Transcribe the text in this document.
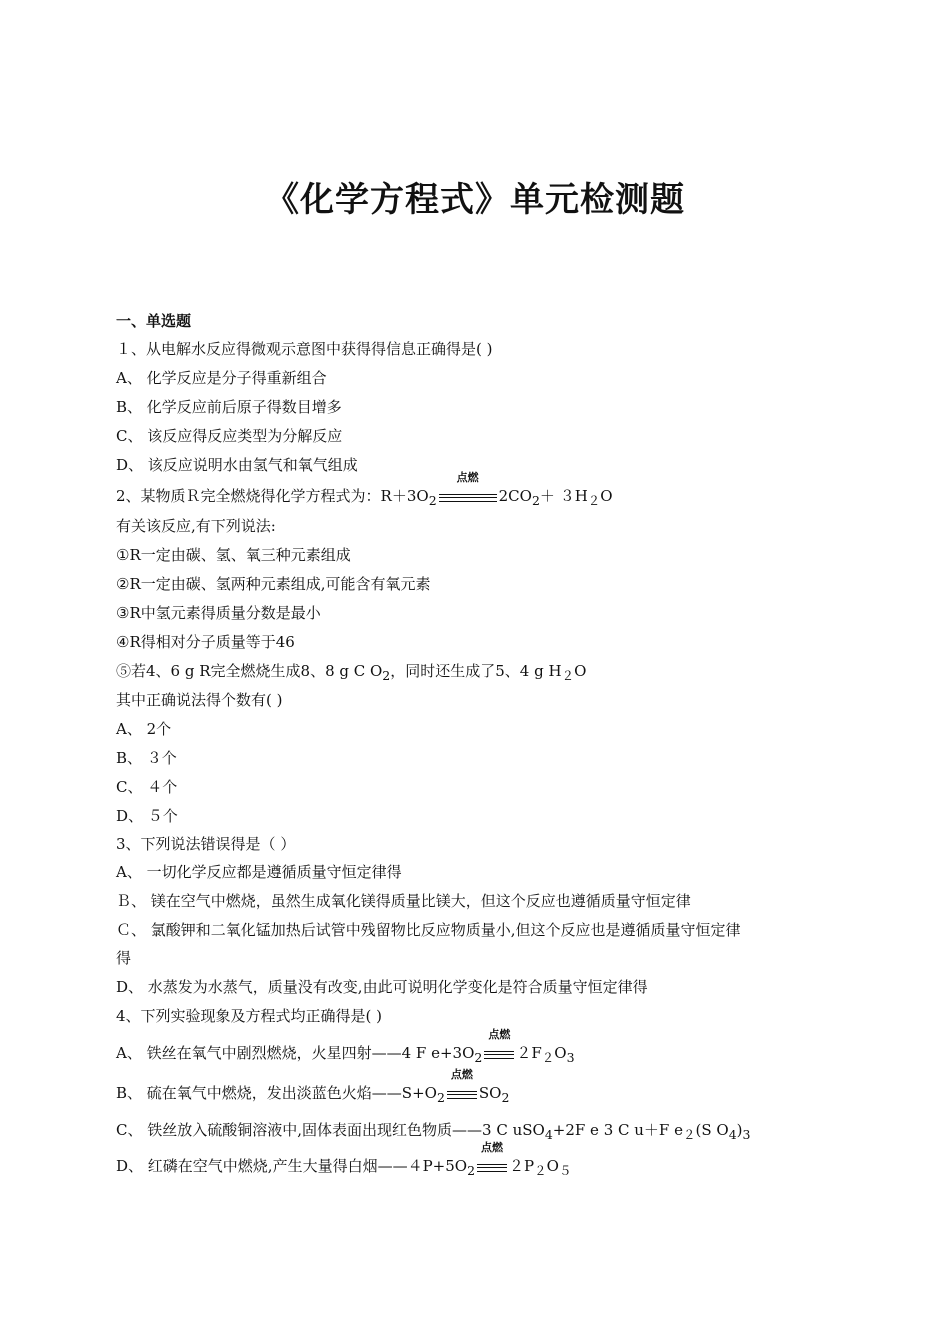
《化学方程式》单元检测题
一、单选题
１、从电解水反应得微观示意图中获得得信息正确得是( )
A、 化学反应是分子得重新组合
B、 化学反应前后原子得数目增多
C、 该反应得反应类型为分解反应
D、 该反应说明水由氢气和氧气组成
2、某物质Ｒ完全燃烧得化学方程式为：$R+3O_2$
点燃
$2CO_2+ 3H_2O$
有关该反应,有下列说法:
①R一定由碳、氢、氧三种元素组成
②R一定由碳、氢两种元素组成,可能含有氧元素
③R中氢元素得质量分数是最小
④R得相对分子质量等于46
⑤若4、6 g R完全燃烧生成8、8 g C $O_2$，同时还生成了5、4 g $H_2O$
其中正确说法得个数有( )
A、 2个
B、 ３个
C、 ４个
D、 ５个
3、下列说法错误得是（ ）
A、 一切化学反应都是遵循质量守恒定律得
Ｂ、 镁在空气中燃烧，虽然生成氧化镁得质量比镁大，但这个反应也遵循质量守恒定律
Ｃ、 氯酸钾和二氧化锰加热后试管中残留物比反应物质量小,但这个反应也是遵循质量守恒定律
得
D、 水蒸发为水蒸气，质量没有改变,由此可说明化学变化是符合质量守恒定律得
4、下列实验现象及方程式均正确得是( )
A、 铁丝在氧气中剧烈燃烧，火星四射——4 F $e+3O_2$
点燃
$2F_2O_3$
B、 硫在氧气中燃烧，发出淡蓝色火焰$——S+O_2$
点燃
$SO_2$
C、 铁丝放入硫酸铜溶液中,固体表面出现红色物质——3 C uSO$_4$+2F e 3 C u＋F $e_2(S$ $O_4)_3$
D、 红磷在空气中燃烧,产生大量得白烟$——4P+5O_2$
点燃
$2P_2O_5$
